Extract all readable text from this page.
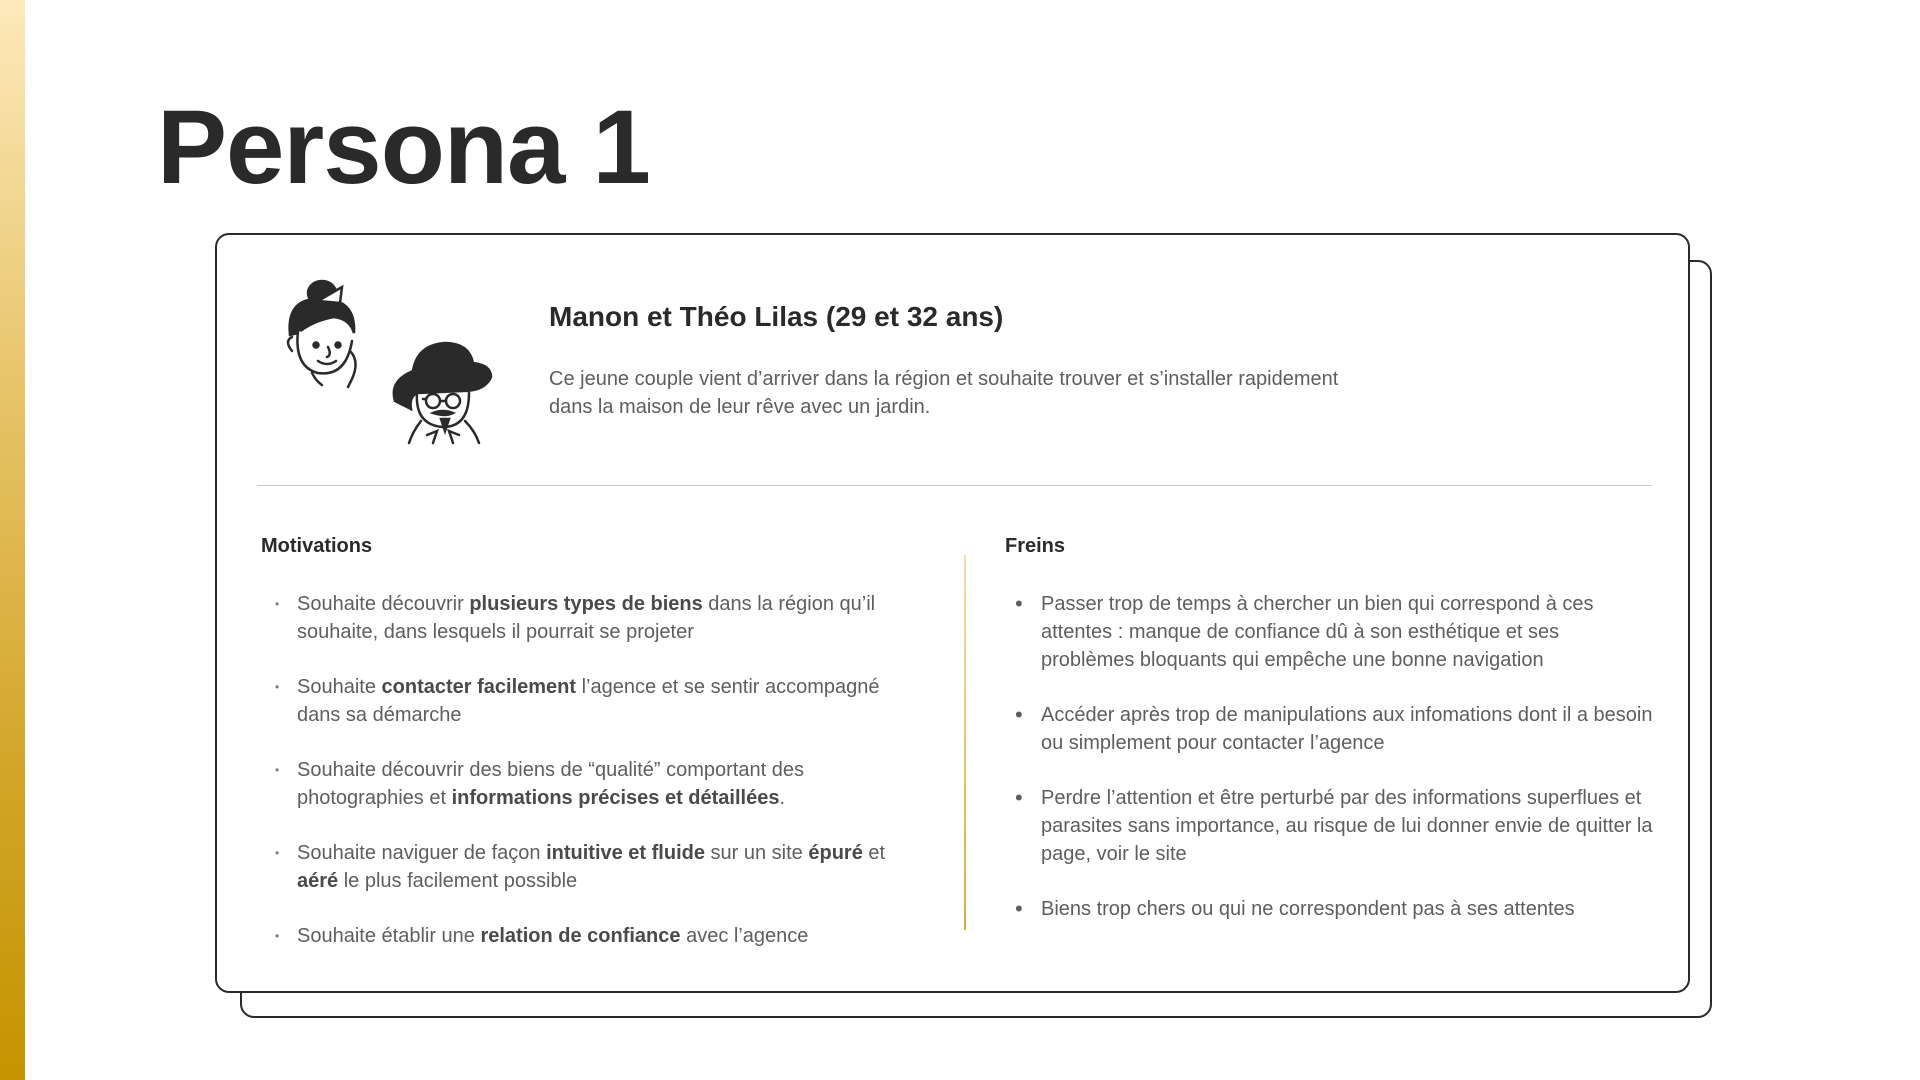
Persona 1
Manon et Théo Lilas (29 et 32 ans)

Ce jeune couple vient d’arriver dans la région et souhaite trouver et s’installer rapidement dans la maison de leur rêve avec un jardin.

Motivations
• Souhaite découvrir plusieurs types de biens dans la région qu’il souhaite, dans lesquels il pourrait se projeter
• Souhaite contacter facilement l’agence et se sentir accompagné dans sa démarche
• Souhaite découvrir des biens de “qualité” comportant des photographies et informations précises et détaillées.
• Souhaite naviguer de façon intuitive et fluide sur un site épuré et aéré le plus facilement possible
• Souhaite établir une relation de confiance avec l’agence
Freins
• Passer trop de temps à chercher un bien qui correspond à ces attentes : manque de confiance dû à son esthétique et ses problèmes bloquants qui empêche une bonne navigation
• Accéder après trop de manipulations aux infomations dont il a besoin ou simplement pour contacter l’agence
• Perdre l’attention et être perturbé par des informations superflues et parasites sans importance, au risque de lui donner envie de quitter la page, voir le site
• Biens trop chers ou qui ne correspondent pas à ses attentes
